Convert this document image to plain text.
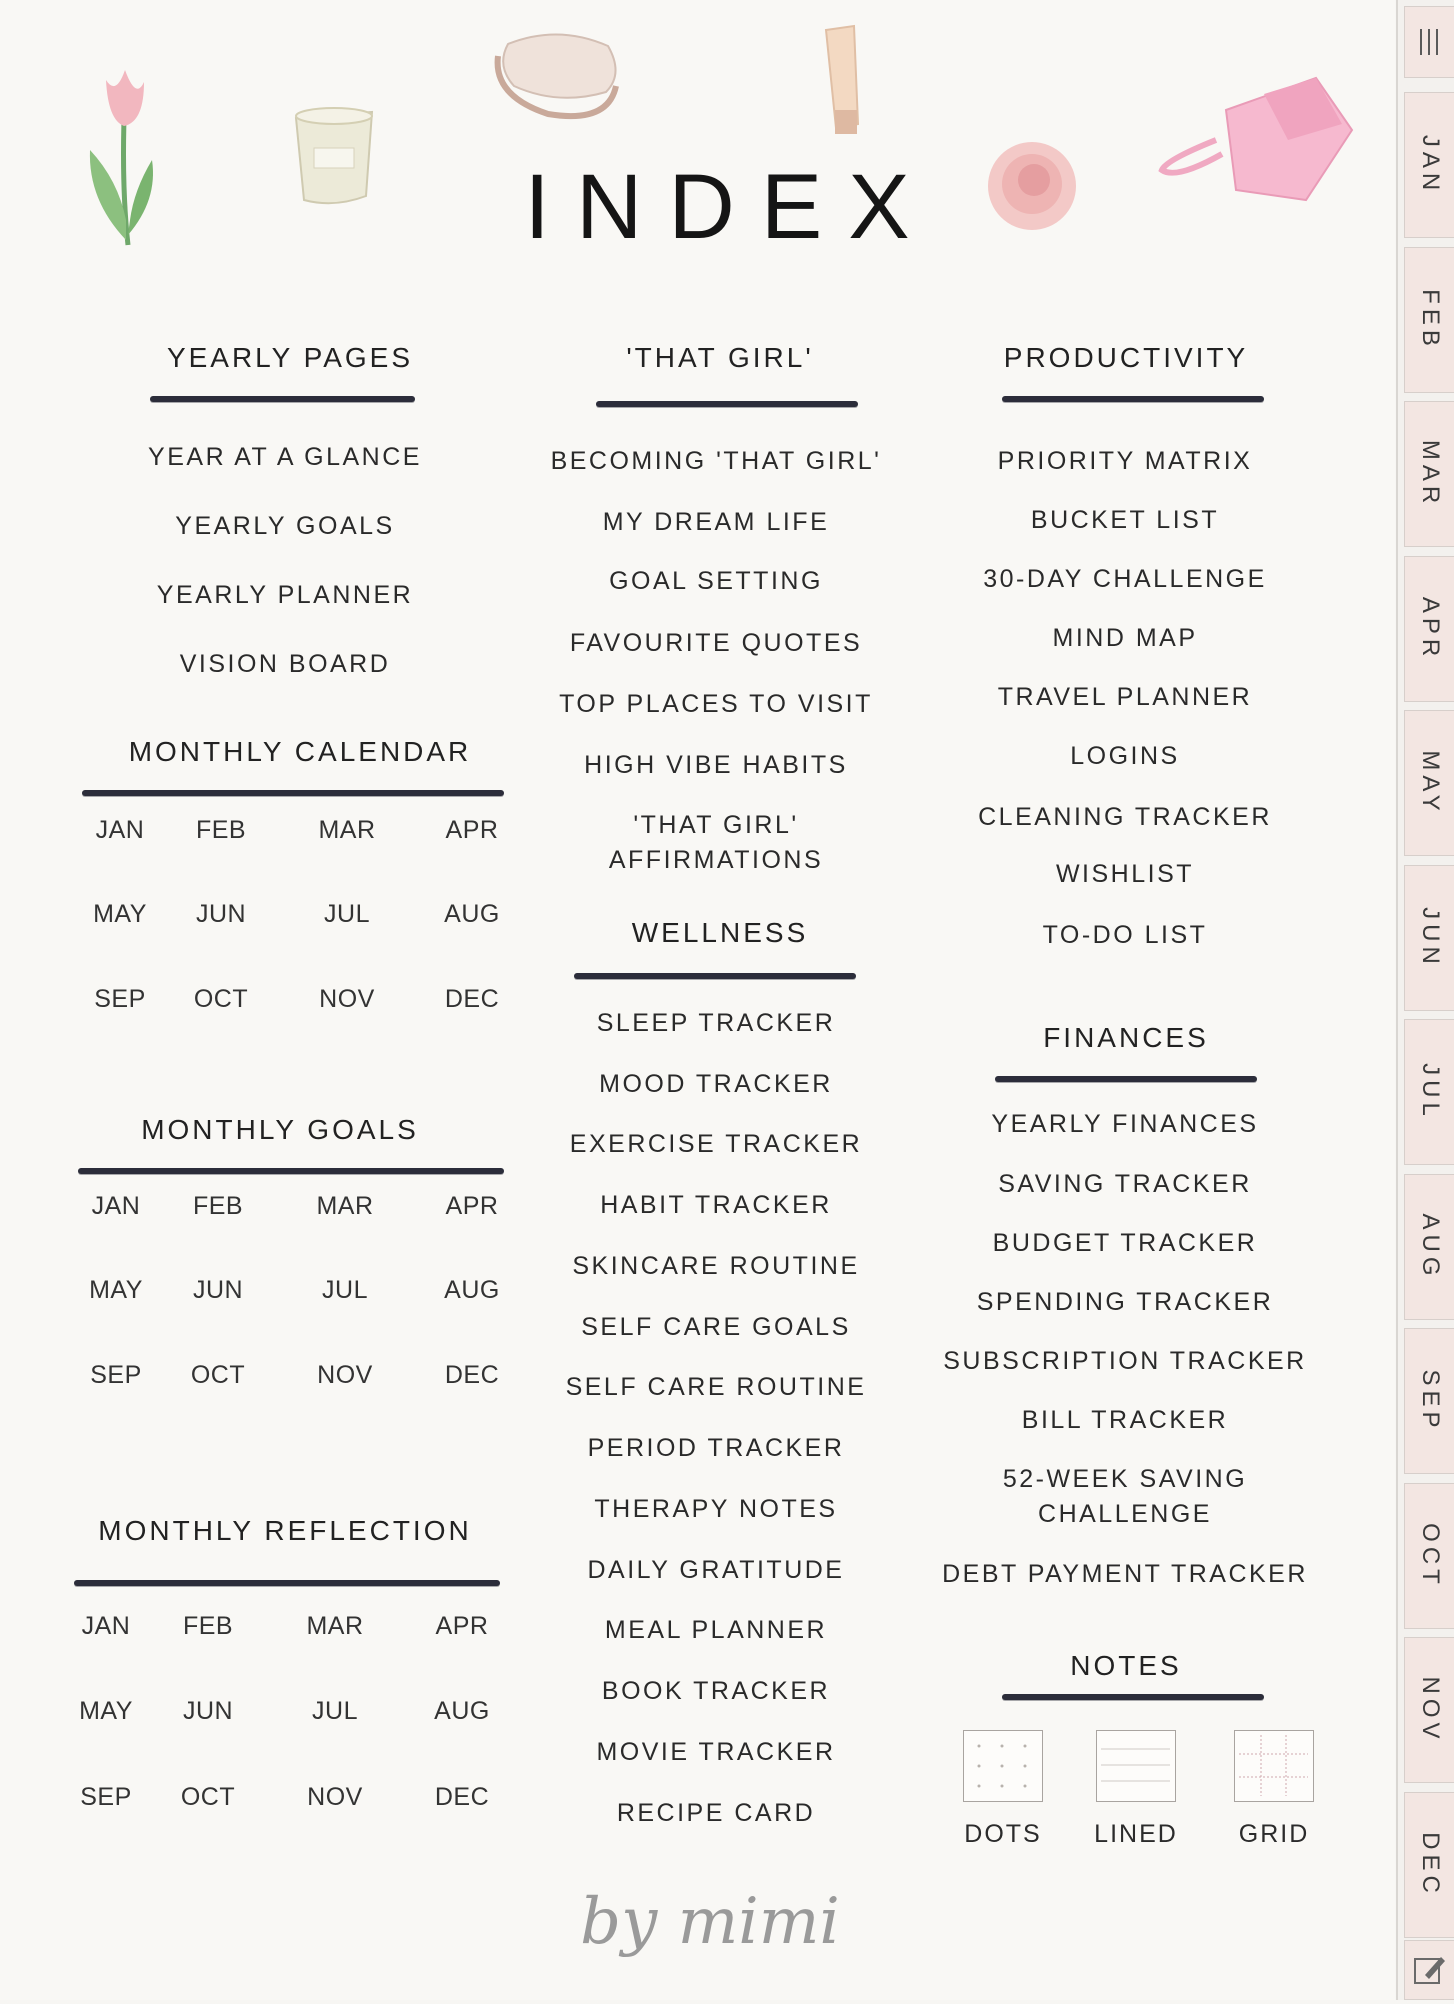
INDEX
YEARLY PAGES
YEAR AT A GLANCE
YEARLY GOALS
YEARLY PLANNER
VISION BOARD
MONTHLY CALENDAR
JAN	FEB	MAR	APR
MAY	JUN	JUL	AUG
SEP	OCT	NOV	DEC
MONTHLY GOALS
JAN	FEB	MAR	APR
MAY	JUN	JUL	AUG
SEP	OCT	NOV	DEC
MONTHLY REFLECTION
JAN	FEB	MAR	APR
MAY	JUN	JUL	AUG
SEP	OCT	NOV	DEC
'THAT GIRL'
BECOMING 'THAT GIRL'
MY DREAM LIFE
GOAL SETTING
FAVOURITE QUOTES
TOP PLACES TO VISIT
HIGH VIBE HABITS
'THAT GIRL'
AFFIRMATIONS
WELLNESS
SLEEP TRACKER
MOOD TRACKER
EXERCISE TRACKER
HABIT TRACKER
SKINCARE ROUTINE
SELF CARE GOALS
SELF CARE ROUTINE
PERIOD TRACKER
THERAPY NOTES
DAILY GRATITUDE
MEAL PLANNER
BOOK TRACKER
MOVIE TRACKER
RECIPE CARD
PRODUCTIVITY
PRIORITY MATRIX
BUCKET LIST
30-DAY CHALLENGE
MIND MAP
TRAVEL PLANNER
LOGINS
CLEANING TRACKER
WISHLIST
TO-DO LIST
FINANCES
YEARLY FINANCES
SAVING TRACKER
BUDGET TRACKER
SPENDING TRACKER
SUBSCRIPTION TRACKER
BILL TRACKER
52-WEEK SAVING
CHALLENGE
DEBT PAYMENT TRACKER
NOTES
DOTS	LINED	GRID
by mimi
JAN
FEB
MAR
APR
MAY
JUN
JUL
AUG
SEP
OCT
NOV
DEC
